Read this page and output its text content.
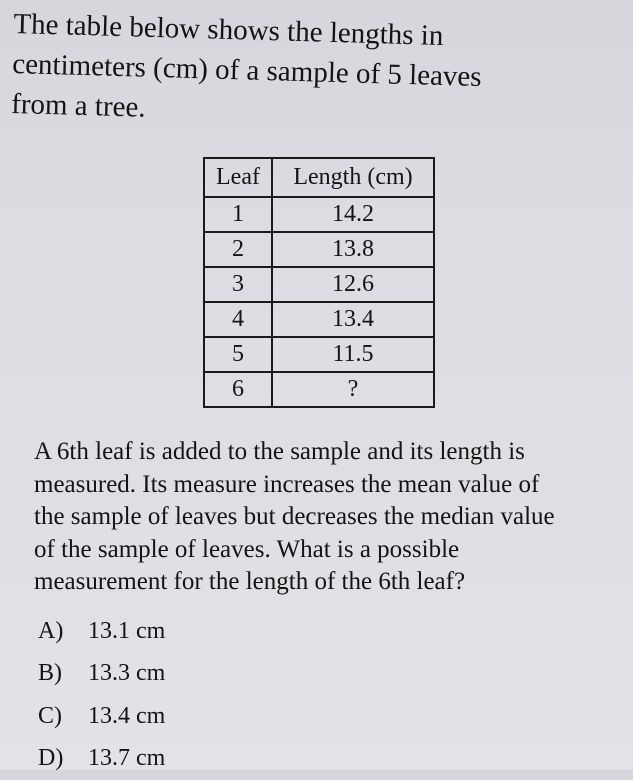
The table below shows the lengths in
centimeters (cm) of a sample of 5 leaves
from a tree.
Leaf	Length (cm)
1	14.2
2	13.8
3	12.6
4	13.4
5	11.5
6	?
A 6th leaf is added to the sample and its length is
measured. Its measure increases the mean value of
the sample of leaves but decreases the median value
of the sample of leaves. What is a possible
measurement for the length of the 6th leaf?
A)	13.1 cm
B)	13.3 cm
C)	13.4 cm
D)	13.7 cm
